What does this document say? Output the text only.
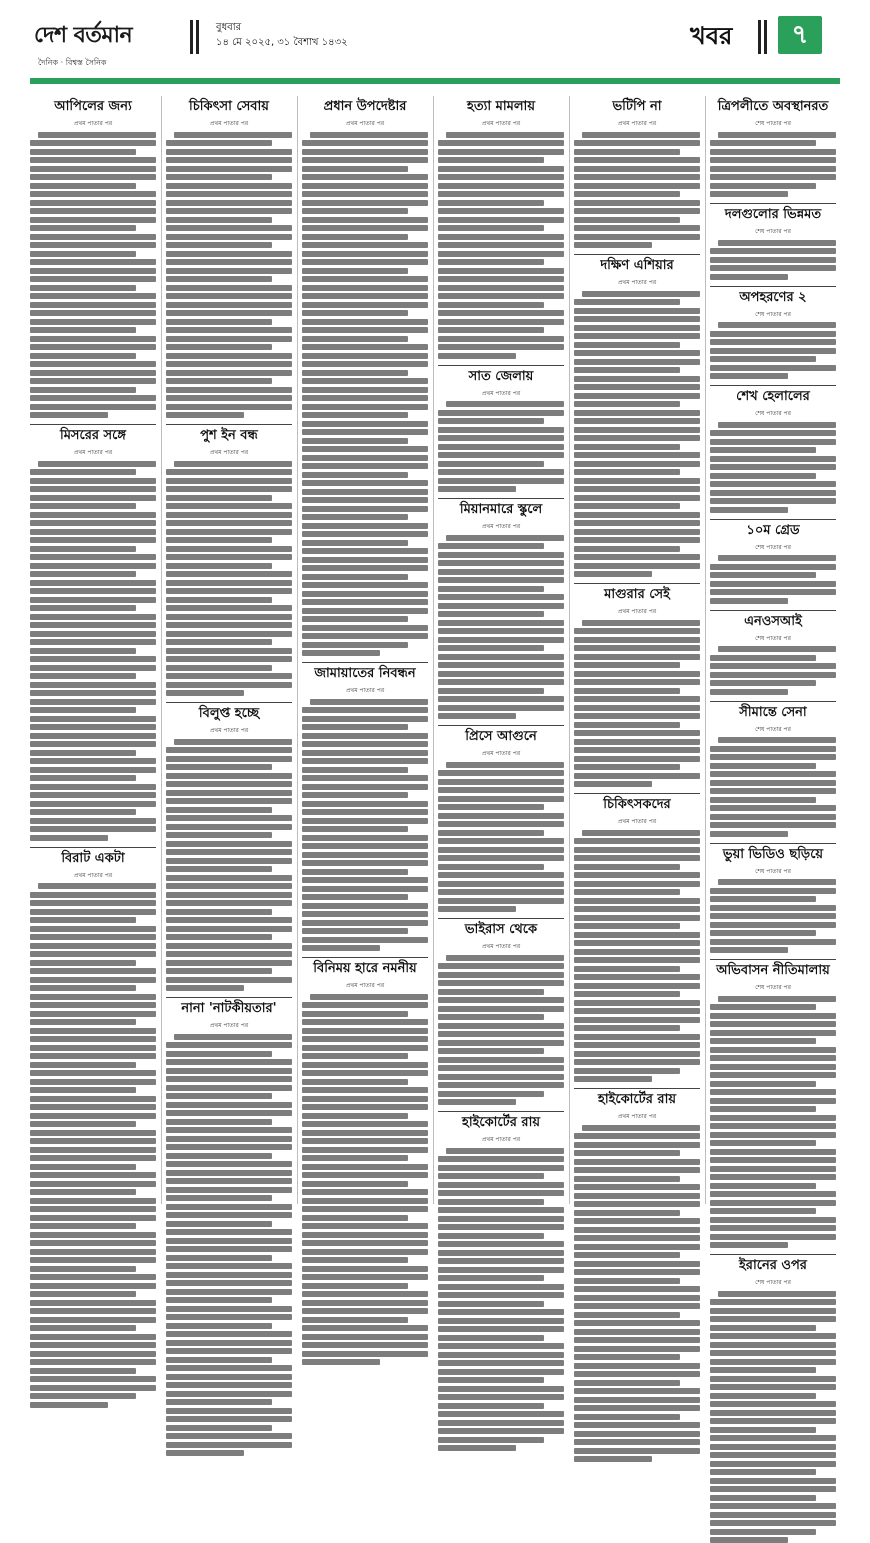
দেশ বর্তমান
দৈনিক · বিশ্বস্ত সৈনিক
বুধবার
১৪ মে ২০২৫, ৩১ বৈশাখ ১৪৩২	খবর	৭
আপিলের জন্য
প্রথম পাতার পর
মিসরের সঙ্গে
প্রথম পাতার পর
বিরাট একটা
প্রথম পাতার পর
চিকিৎসা সেবায়
প্রথম পাতার পর
পুশ ইন বন্ধ
প্রথম পাতার পর
বিলুপ্ত হচ্ছে
প্রথম পাতার পর
নানা 'নাটকীয়তার'
প্রথম পাতার পর
প্রধান উপদেষ্টার
প্রথম পাতার পর
জামায়াতের নিবন্ধন
প্রথম পাতার পর
বিনিময় হারে নমনীয়
প্রথম পাতার পর
হত্যা মামলায়
প্রথম পাতার পর
সাত জেলায়
প্রথম পাতার পর
মিয়ানমারে স্কুলে
প্রথম পাতার পর
প্রিসে আগুনে
প্রথম পাতার পর
ভাইরাস থেকে
প্রথম পাতার পর
হাইকোর্টের রায়
প্রথম পাতার পর
ভটিপি না
প্রথম পাতার পর
দক্ষিণ এশিয়ার
প্রথম পাতার পর
মাগুরার সেই
প্রথম পাতার পর
চিকিৎসকদের
প্রথম পাতার পর
হাইকোর্টের রায়
প্রথম পাতার পর
ত্রিপলীতে অবস্থানরত
শেষ পাতার পর
দলগুলোর ভিন্নমত
শেষ পাতার পর
অপহরণের ২
শেষ পাতার পর
শেখ হেলালের
শেষ পাতার পর
১০ম গ্রেড
শেষ পাতার পর
এনওসআই
শেষ পাতার পর
সীমান্তে সেনা
শেষ পাতার পর
ভুয়া ভিডিও ছড়িয়ে
শেষ পাতার পর
অভিবাসন নীতিমালায়
শেষ পাতার পর
ইরানের ওপর
শেষ পাতার পর
